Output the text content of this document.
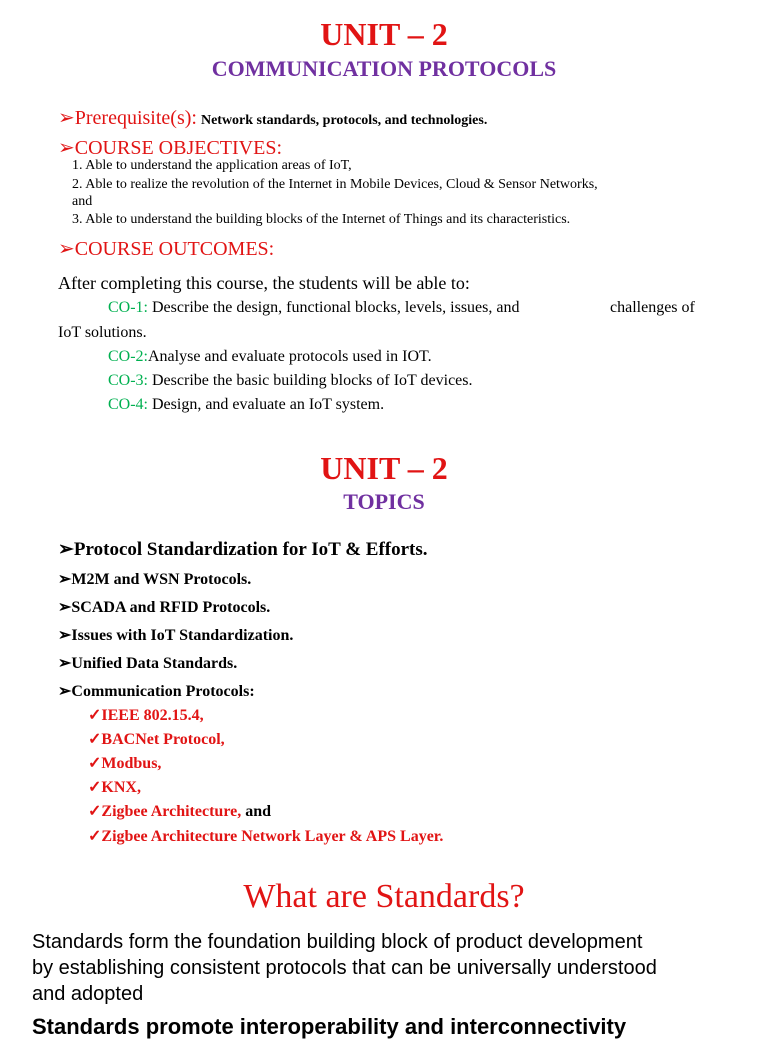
UNIT – 2
COMMUNICATION PROTOCOLS
➢Prerequisite(s): Network standards, protocols, and technologies.
➢COURSE OBJECTIVES:
1. Able to understand the application areas of IoT,
2. Able to realize the revolution of the Internet in Mobile Devices, Cloud & Sensor Networks,
and
3. Able to understand the building blocks of the Internet of Things and its characteristics.
➢COURSE OUTCOMES:
After completing this course, the students will be able to:
CO-1: Describe the design, functional blocks, levels, issues, and	challenges of
IoT solutions.
CO-2:Analyse and evaluate protocols used in IOT.
CO-3: Describe the basic building blocks of IoT devices.
CO-4: Design, and evaluate an IoT system.
UNIT – 2
TOPICS
➢Protocol Standardization for IoT & Efforts.
➢M2M and WSN Protocols.
➢SCADA and RFID Protocols.
➢Issues with IoT Standardization.
➢Unified Data Standards.
➢Communication Protocols:
✓IEEE 802.15.4,
✓BACNet Protocol,
✓Modbus,
✓KNX,
✓Zigbee Architecture, and
✓Zigbee Architecture Network Layer & APS Layer.
What are Standards?
Standards form the foundation building block of product development
by establishing consistent protocols that can be universally understood
and adopted
Standards promote interoperability and interconnectivity
